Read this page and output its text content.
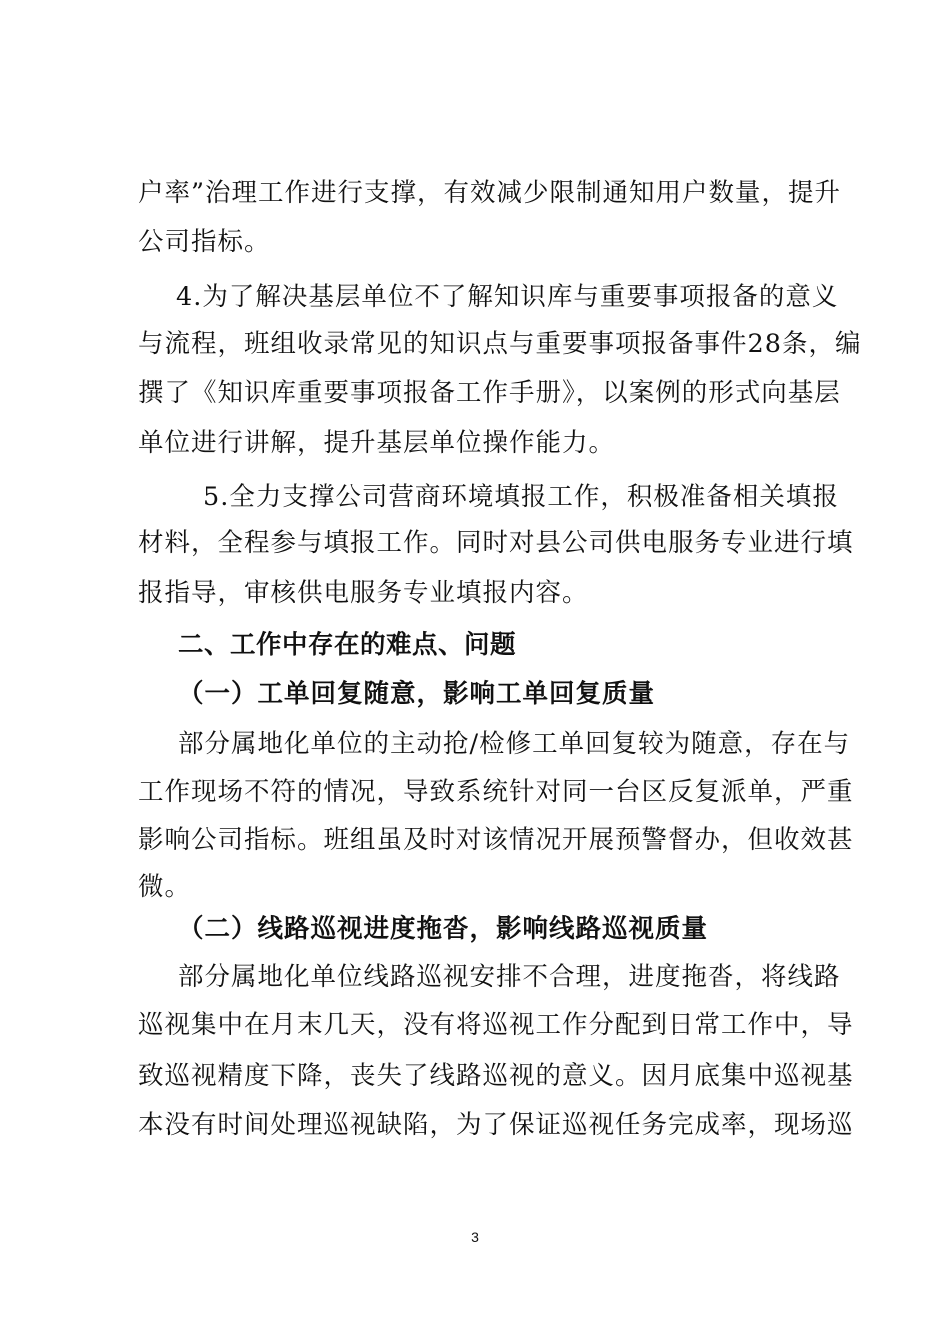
户率”治理工作进行支撑，有效减少限制通知用户数量，提升
公司指标。
4.为了解决基层单位不了解知识库与重要事项报备的意义
与流程，班组收录常见的知识点与重要事项报备事件28条，编
撰了《知识库重要事项报备工作手册》，以案例的形式向基层
单位进行讲解，提升基层单位操作能力。
5.全力支撑公司营商环境填报工作，积极准备相关填报
材料，全程参与填报工作。同时对县公司供电服务专业进行填
报指导，审核供电服务专业填报内容。
二、工作中存在的难点、问题
（一）工单回复随意，影响工单回复质量
部分属地化单位的主动抢/检修工单回复较为随意，存在与
工作现场不符的情况，导致系统针对同一台区反复派单，严重
影响公司指标。班组虽及时对该情况开展预警督办，但收效甚
微。
（二）线路巡视进度拖沓，影响线路巡视质量
部分属地化单位线路巡视安排不合理，进度拖沓，将线路
巡视集中在月末几天，没有将巡视工作分配到日常工作中，导
致巡视精度下降，丧失了线路巡视的意义。因月底集中巡视基
本没有时间处理巡视缺陷，为了保证巡视任务完成率，现场巡
3
